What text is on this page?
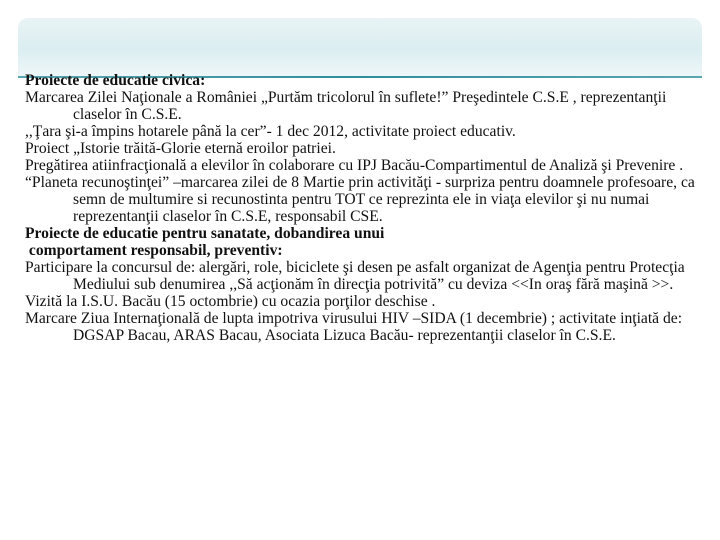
Proiecte de educatie civica:

Marcarea Zilei Naţionale a României „Purtăm tricolorul în suflete!” Preşedintele C.S.E , reprezentanţii claselor în C.S.E.

,,Ţara şi-a împins hotarele până la cer”- 1 dec 2012, activitate proiect educativ.

Proiect „Istorie trăită-Glorie eternă eroilor patriei.

Pregătirea atiinfracţională a elevilor în colaborare cu IPJ Bacău-Compartimentul de Analiză şi Prevenire .

“Planeta recunoştinţei” –marcarea zilei de 8 Martie prin activităţi - surpriza pentru doamnele profesoare, ca semn de multumire si recunostinta pentru TOT ce reprezinta ele in viaţa elevilor şi nu numai reprezentanţii claselor în C.S.E, responsabil CSE.

Proiecte de educatie pentru sanatate, dobandirea unui

comportament responsabil, preventiv:

Participare la concursul de: alergări, role, biciclete şi desen pe asfalt organizat de Agenţia pentru Protecţia Mediului sub denumirea ,,Să acţionăm în direcţia potrivită” cu deviza <<In oraş fără maşină >>.

Vizită la I.S.U. Bacău (15 octombrie) cu ocazia porţilor deschise .

Marcare Ziua Internaţională de lupta impotriva virusului HIV –SIDA (1 decembrie) ; activitate inţiată de: DGSAP Bacau, ARAS Bacau, Asociata Lizuca Bacău- reprezentanţii claselor în C.S.E.
